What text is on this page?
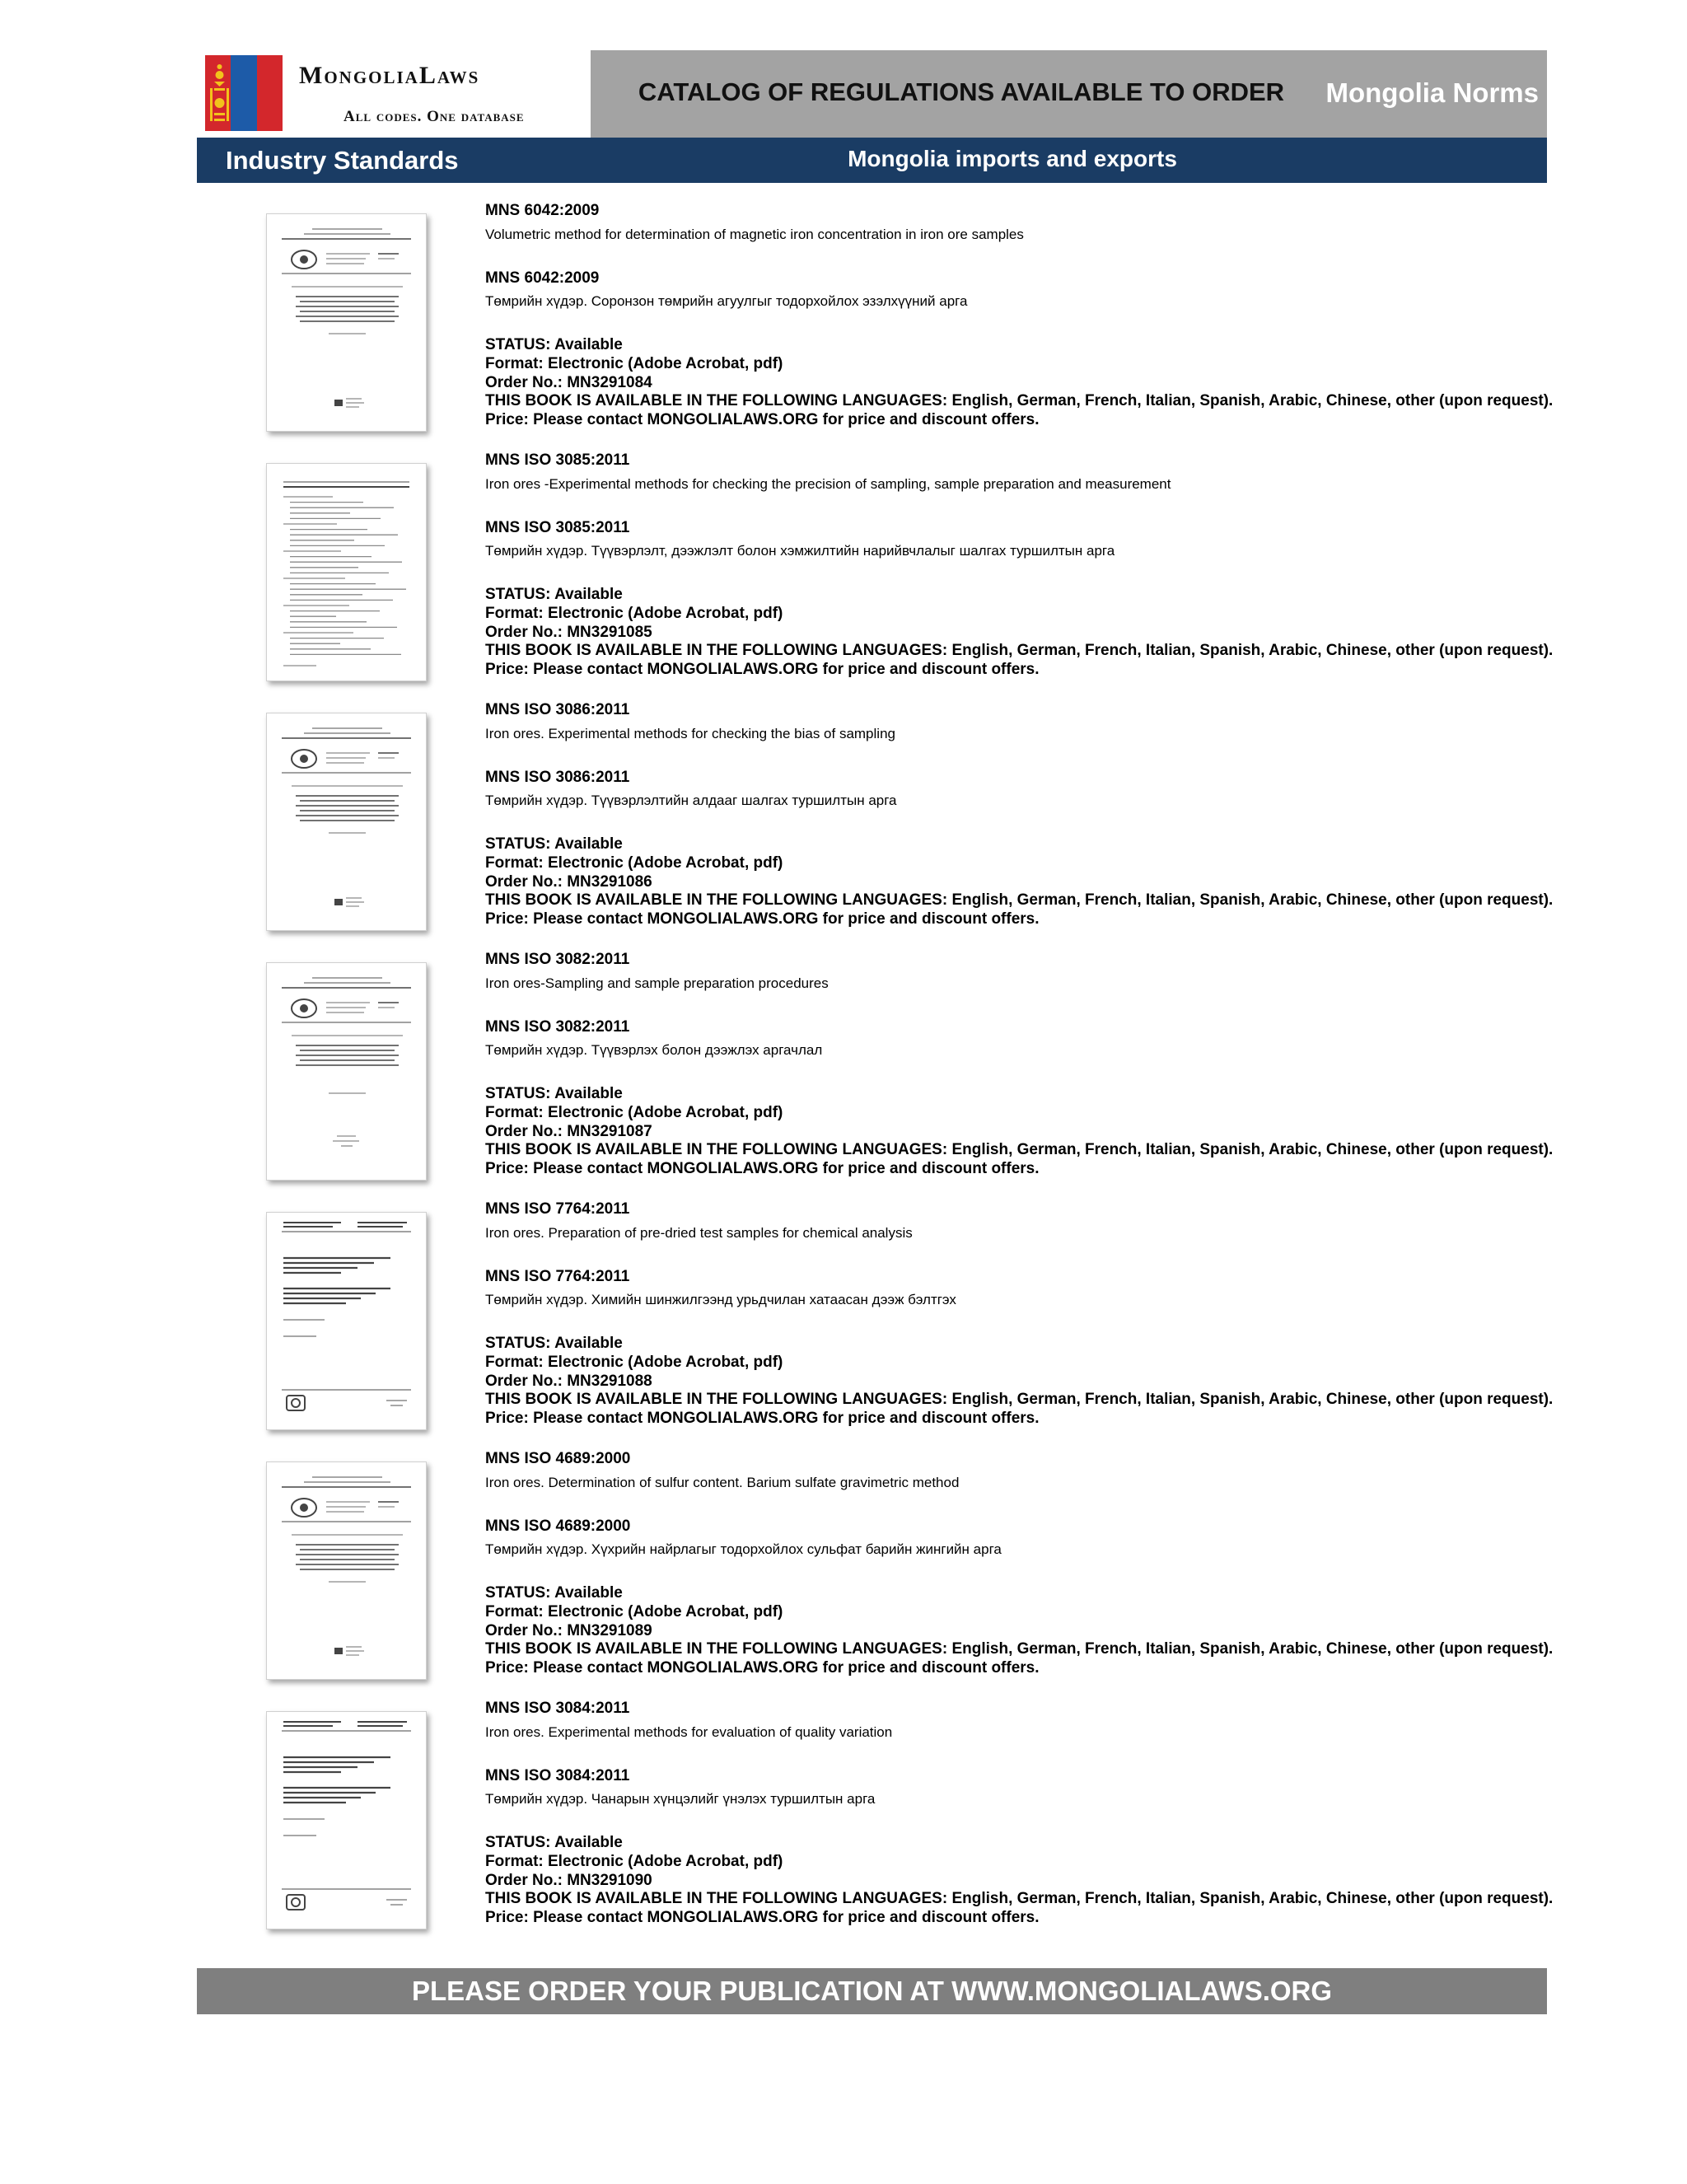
MongoliaLaws
All codes. One database
CATALOG OF REGULATIONS AVAILABLE TO ORDER	Mongolia Norms
Industry Standards	Mongolia imports and exports
MNS 6042:2009
Volumetric method for determination of magnetic iron concentration in iron ore samples
MNS 6042:2009
Төмрийн хүдэр. Соронзон төмрийн агуулгыг тодорхойлох эзэлхүүний арга
STATUS: Available
Format: Electronic (Adobe Acrobat, pdf)
Order No.: MN3291084
THIS BOOK IS AVAILABLE IN THE FOLLOWING LANGUAGES: English, German, French, Italian, Spanish, Arabic, Chinese, other (upon request).
Price: Please contact MONGOLIALAWS.ORG for price and discount offers.
MNS ISO 3085:2011
Iron ores -Experimental methods for checking the precision of sampling, sample preparation and measurement
MNS ISO 3085:2011
Төмрийн хүдэр. Түүвэрлэлт, дээжлэлт болон хэмжилтийн нарийвчлалыг шалгах туршилтын арга
STATUS: Available
Format: Electronic (Adobe Acrobat, pdf)
Order No.: MN3291085
THIS BOOK IS AVAILABLE IN THE FOLLOWING LANGUAGES: English, German, French, Italian, Spanish, Arabic, Chinese, other (upon request).
Price: Please contact MONGOLIALAWS.ORG for price and discount offers.
MNS ISO 3086:2011
Iron ores. Experimental methods for checking the bias of sampling
MNS ISO 3086:2011
Төмрийн хүдэр. Түүвэрлэлтийн алдааг шалгах туршилтын арга
STATUS: Available
Format: Electronic (Adobe Acrobat, pdf)
Order No.: MN3291086
THIS BOOK IS AVAILABLE IN THE FOLLOWING LANGUAGES: English, German, French, Italian, Spanish, Arabic, Chinese, other (upon request).
Price: Please contact MONGOLIALAWS.ORG for price and discount offers.
MNS ISO 3082:2011
Iron ores-Sampling and sample preparation procedures
MNS ISO 3082:2011
Төмрийн хүдэр. Түүвэрлэх болон дээжлэх аргачлал
STATUS: Available
Format: Electronic (Adobe Acrobat, pdf)
Order No.: MN3291087
THIS BOOK IS AVAILABLE IN THE FOLLOWING LANGUAGES: English, German, French, Italian, Spanish, Arabic, Chinese, other (upon request).
Price: Please contact MONGOLIALAWS.ORG for price and discount offers.
MNS ISO 7764:2011
Iron ores. Preparation of pre-dried test samples for chemical analysis
MNS ISO 7764:2011
Төмрийн хүдэр. Химийн шинжилгээнд урьдчилан хатаасан дээж бэлтгэх
STATUS: Available
Format: Electronic (Adobe Acrobat, pdf)
Order No.: MN3291088
THIS BOOK IS AVAILABLE IN THE FOLLOWING LANGUAGES: English, German, French, Italian, Spanish, Arabic, Chinese, other (upon request).
Price: Please contact MONGOLIALAWS.ORG for price and discount offers.
MNS ISO 4689:2000
Iron ores. Determination of sulfur content. Barium sulfate gravimetric method
MNS ISO 4689:2000
Төмрийн хүдэр. Хүхрийн найрлагыг тодорхойлох сульфат барийн жингийн арга
STATUS: Available
Format: Electronic (Adobe Acrobat, pdf)
Order No.: MN3291089
THIS BOOK IS AVAILABLE IN THE FOLLOWING LANGUAGES: English, German, French, Italian, Spanish, Arabic, Chinese, other (upon request).
Price: Please contact MONGOLIALAWS.ORG for price and discount offers.
MNS ISO 3084:2011
Iron ores. Experimental methods for evaluation of quality variation
MNS ISO 3084:2011
Төмрийн хүдэр. Чанарын хүнцэлийг үнэлэх туршилтын арга
STATUS: Available
Format: Electronic (Adobe Acrobat, pdf)
Order No.: MN3291090
THIS BOOK IS AVAILABLE IN THE FOLLOWING LANGUAGES: English, German, French, Italian, Spanish, Arabic, Chinese, other (upon request).
Price: Please contact MONGOLIALAWS.ORG for price and discount offers.
PLEASE ORDER YOUR PUBLICATION AT WWW.MONGOLIALAWS.ORG
